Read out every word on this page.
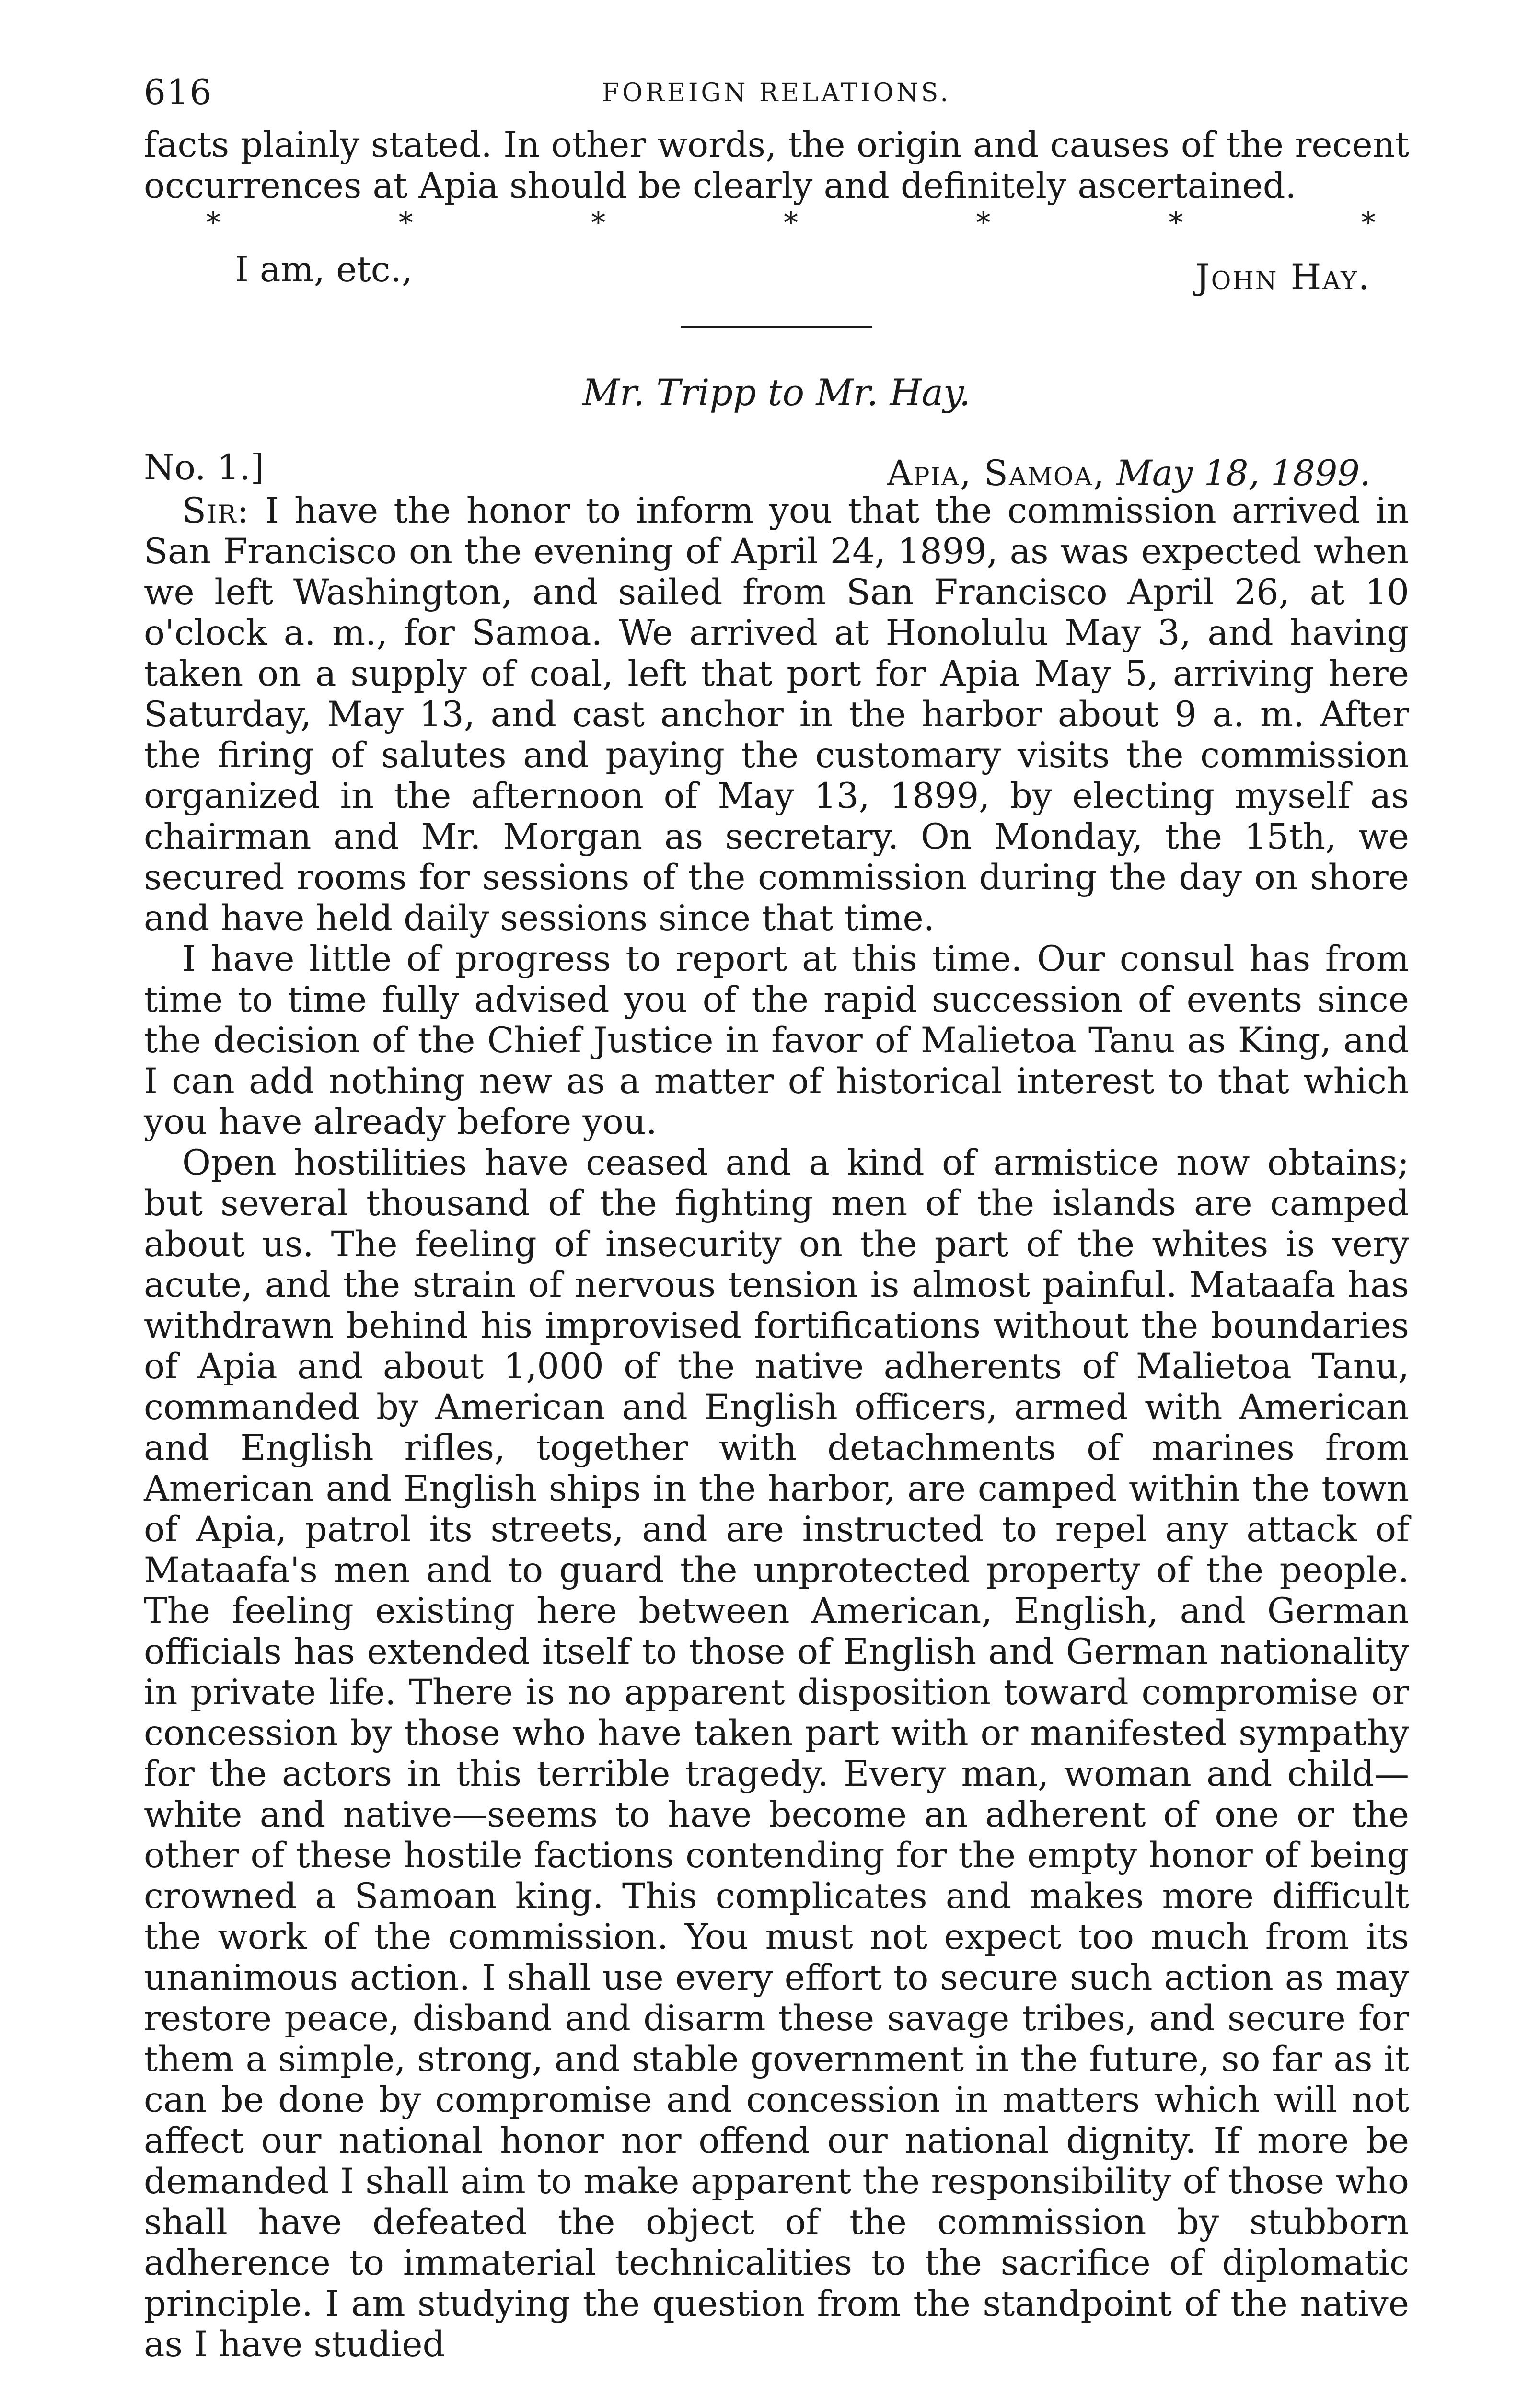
616	FOREIGN RELATIONS.

facts plainly stated. In other words, the origin and causes of the recent occurrences at Apia should be clearly and definitely ascertained.

*	*	*	*	*	*	*
I am, etc.,	John Hay.
Mr. Tripp to Mr. Hay.
No. 1.]	Apia, Samoa, May 18, 1899.

Sir: I have the honor to inform you that the commission arrived in San Francisco on the evening of April 24, 1899, as was expected when we left Washington, and sailed from San Francisco April 26, at 10 o'clock a. m., for Samoa. We arrived at Honolulu May 3, and having taken on a supply of coal, left that port for Apia May 5, arriving here Saturday, May 13, and cast anchor in the harbor about 9 a. m. After the firing of salutes and paying the customary visits the commission organized in the afternoon of May 13, 1899, by electing myself as chairman and Mr. Morgan as secretary. On Monday, the 15th, we secured rooms for sessions of the commission during the day on shore and have held daily sessions since that time.

I have little of progress to report at this time. Our consul has from time to time fully advised you of the rapid succession of events since the decision of the Chief Justice in favor of Malietoa Tanu as King, and I can add nothing new as a matter of historical interest to that which you have already before you.

Open hostilities have ceased and a kind of armistice now obtains; but several thousand of the fighting men of the islands are camped about us. The feeling of insecurity on the part of the whites is very acute, and the strain of nervous tension is almost painful. Mataafa has withdrawn behind his improvised fortifications without the boundaries of Apia and about 1,000 of the native adherents of Malietoa Tanu, commanded by American and English officers, armed with American and English rifles, together with detachments of marines from American and English ships in the harbor, are camped within the town of Apia, patrol its streets, and are instructed to repel any attack of Mataafa's men and to guard the unprotected property of the people. The feeling existing here between American, English, and German officials has extended itself to those of English and German nationality in private life. There is no apparent disposition toward compromise or concession by those who have taken part with or manifested sympathy for the actors in this terrible tragedy. Every man, woman and child—white and native—seems to have become an adherent of one or the other of these hostile factions contending for the empty honor of being crowned a Samoan king. This complicates and makes more difficult the work of the commission. You must not expect too much from its unanimous action. I shall use every effort to secure such action as may restore peace, disband and disarm these savage tribes, and secure for them a simple, strong, and stable government in the future, so far as it can be done by compromise and concession in matters which will not affect our national honor nor offend our national dignity. If more be demanded I shall aim to make apparent the responsibility of those who shall have defeated the object of the commission by stubborn adherence to immaterial technicalities to the sacrifice of diplomatic principle. I am studying the question from the standpoint of the native as I have studied
